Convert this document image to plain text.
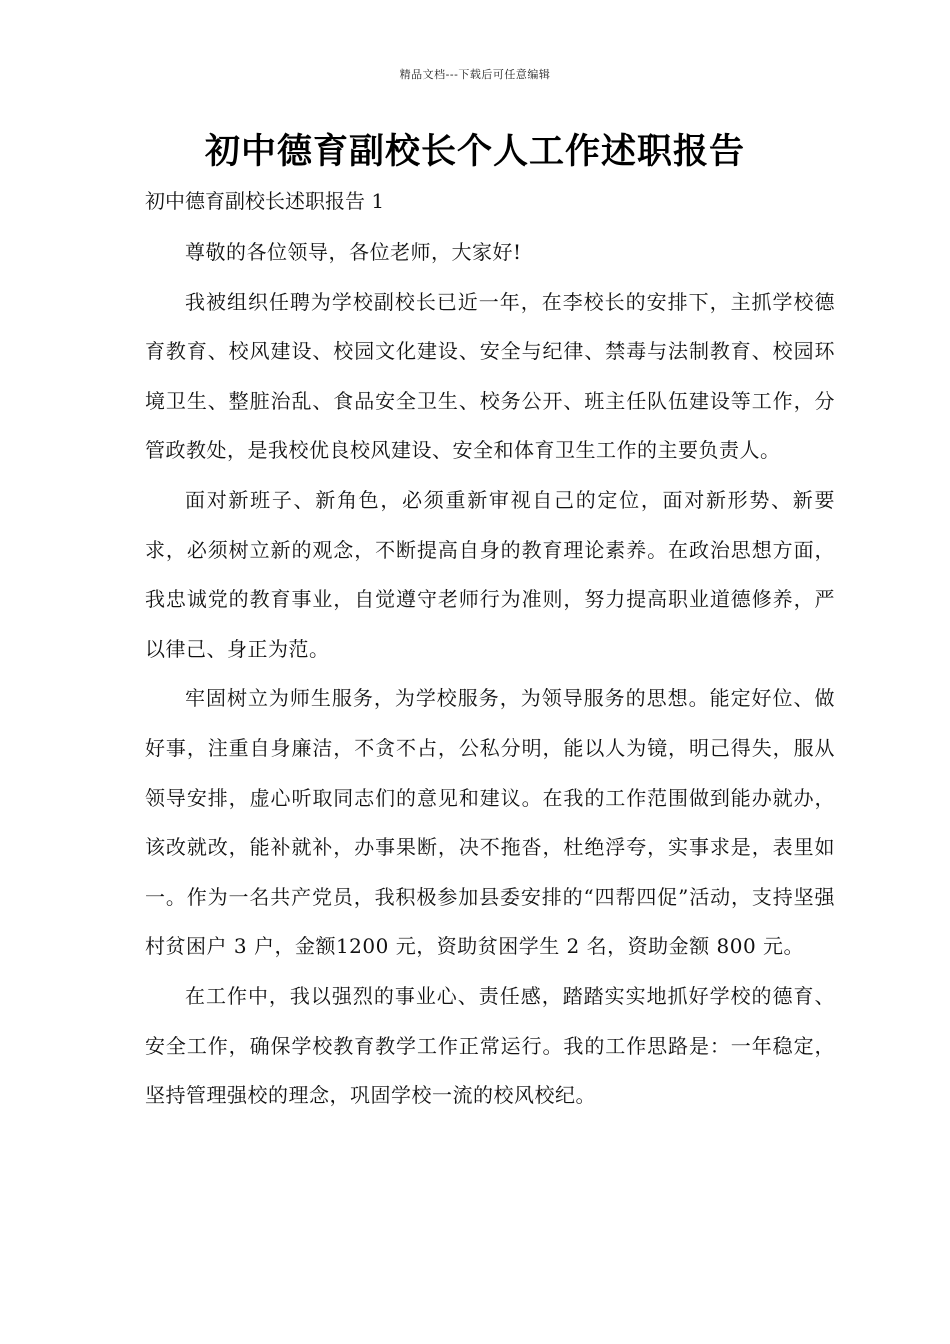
精品文档---下载后可任意编辑
初中德育副校长个人工作述职报告
初中德育副校长述职报告 1

尊敬的各位领导，各位老师，大家好!

我被组织任聘为学校副校长已近一年，在李校长的安排下，主抓学校德育教育、校风建设、校园文化建设、安全与纪律、禁毒与法制教育、校园环境卫生、整脏治乱、食品安全卫生、校务公开、班主任队伍建设等工作，分管政教处，是我校优良校风建设、安全和体育卫生工作的主要负责人。

面对新班子、新角色，必须重新审视自己的定位，面对新形势、新要求，必须树立新的观念，不断提高自身的教育理论素养。在政治思想方面，我忠诚党的教育事业，自觉遵守老师行为准则，努力提高职业道德修养，严以律己、身正为范。

牢固树立为师生服务，为学校服务，为领导服务的思想。能定好位、做好事，注重自身廉洁，不贪不占，公私分明，能以人为镜，明己得失，服从领导安排，虚心听取同志们的意见和建议。在我的工作范围做到能办就办，该改就改，能补就补，办事果断，决不拖沓，杜绝浮夸，实事求是，表里如一。作为一名共产党员，我积极参加县委安排的“四帮四促”活动，支持坚强村贫困户 3 户，金额1200 元，资助贫困学生 2 名，资助金额 800 元。

在工作中，我以强烈的事业心、责任感，踏踏实实地抓好学校的德育、安全工作，确保学校教育教学工作正常运行。我的工作思路是：一年稳定，坚持管理强校的理念，巩固学校一流的校风校纪。
